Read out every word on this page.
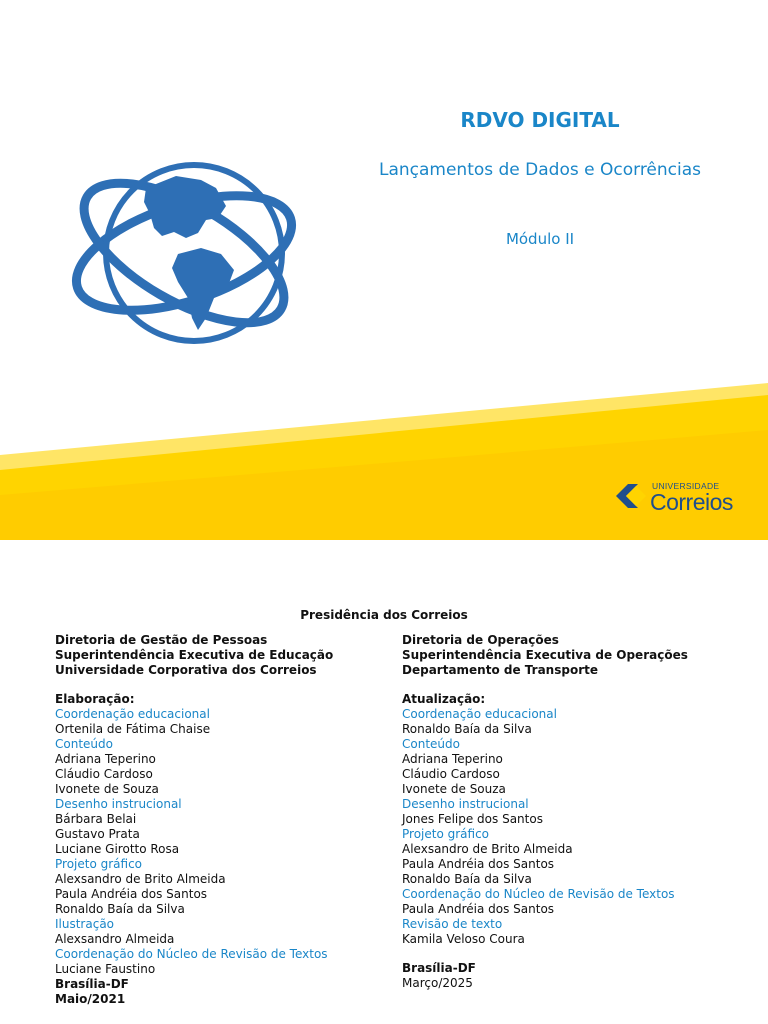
RDVO DIGITAL
Lançamentos de Dados e Ocorrências
Módulo II
UNIVERSIDADE
Correios
Presidência dos Correios
Diretoria de Gestão de Pessoas
Superintendência Executiva de Educação
Universidade Corporativa dos Correios
Elaboração:
Coordenação educacional
Ortenila de Fátima Chaise
Conteúdo
Adriana Teperino
Cláudio Cardoso
Ivonete de Souza
Desenho instrucional
Bárbara Belai
Gustavo Prata
Luciane Girotto Rosa
Projeto gráfico
Alexsandro de Brito Almeida
Paula Andréia dos Santos
Ronaldo Baía da Silva
Ilustração
Alexsandro Almeida
Coordenação do Núcleo de Revisão de Textos
Luciane Faustino
Brasília-DF
Maio/2021
Diretoria de Operações
Superintendência Executiva de Operações
Departamento de Transporte
Atualização:
Coordenação educacional
Ronaldo Baía da Silva
Conteúdo
Adriana Teperino
Cláudio Cardoso
Ivonete de Souza
Desenho instrucional
Jones Felipe dos Santos
Projeto gráfico
Alexsandro de Brito Almeida
Paula Andréia dos Santos
Ronaldo Baía da Silva
Coordenação do Núcleo de Revisão de Textos
Paula Andréia dos Santos
Revisão de texto
Kamila Veloso Coura
Brasília-DF
Março/2025
